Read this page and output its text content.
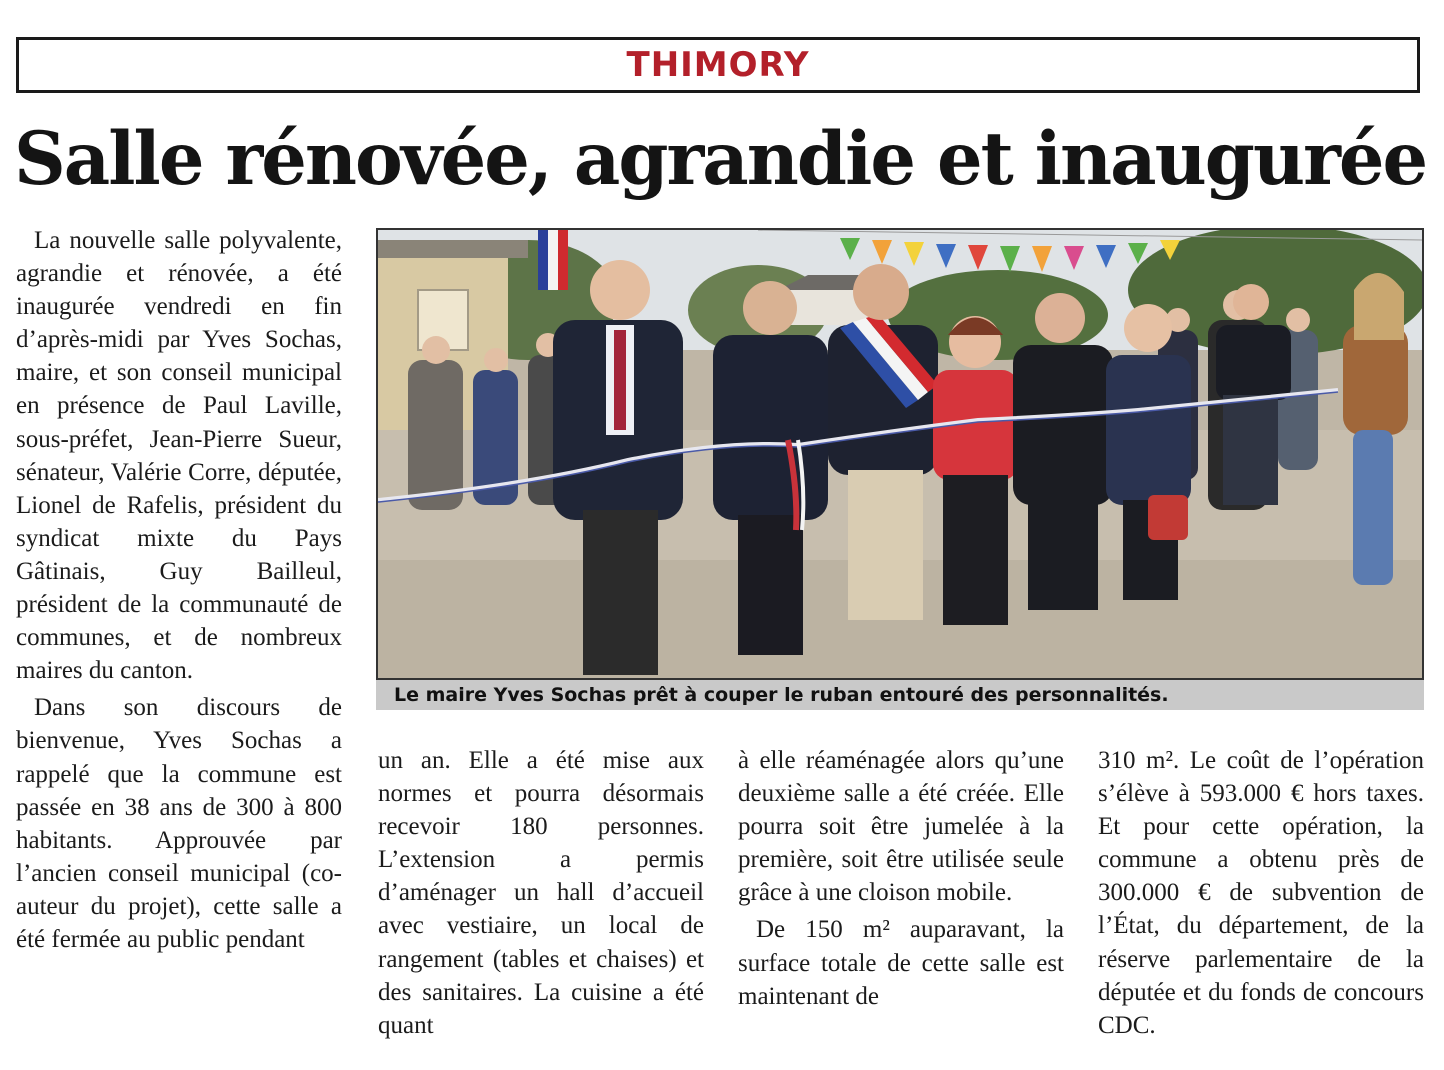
THIMORY
Salle rénovée, agrandie et inaugurée

La nouvelle salle polyvalente, agrandie et rénovée, a été inaugurée vendredi en fin d’après-midi par Yves Sochas, maire, et son conseil municipal en présence de Paul Laville, sous-préfet, Jean-Pierre Sueur, sénateur, Valérie Corre, députée, Lionel de Rafelis, président du syndicat mixte du Pays Gâtinais, Guy Bailleul, président de la communauté de communes, et de nombreux maires du canton.

Dans son discours de bienvenue, Yves Sochas a rappelé que la commune est passée en 38 ans de 300 à 800 habitants. Approuvée par l’ancien conseil municipal (co-auteur du projet), cette salle a été fermée au public pendant

Le maire Yves Sochas prêt à couper le ruban entouré des personnalités.

un an. Elle a été mise aux normes et pourra désormais recevoir 180 personnes. L’extension a permis d’aménager un hall d’accueil avec vestiaire, un local de rangement (tables et chaises) et des sanitaires. La cuisine a été quant

à elle réaménagée alors qu’une deuxième salle a été créée. Elle pourra soit être jumelée à la première, soit être utilisée seule grâce à une cloison mobile.

De 150 m² auparavant, la surface totale de cette salle est maintenant de

310 m². Le coût de l’opération s’élève à 593.000 € hors taxes. Et pour cette opération, la commune a obtenu près de 300.000 € de subvention de l’État, du département, de la réserve parlementaire de la députée et du fonds de concours CDC.
